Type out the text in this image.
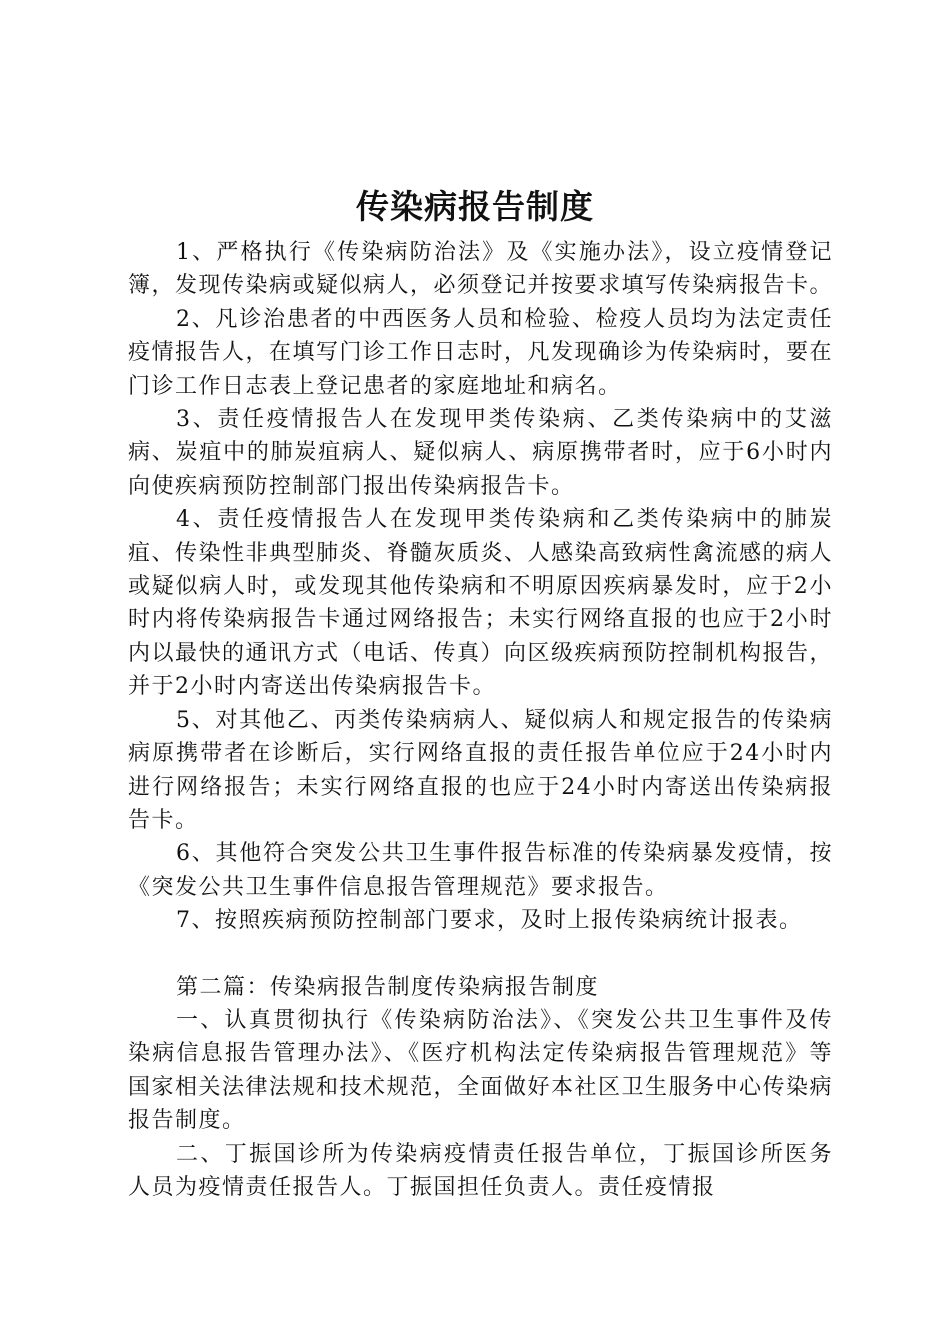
传染病报告制度

1、严格执行《传染病防治法》及《实施办法》，设立疫情登记簿，发现传染病或疑似病人，必须登记并按要求填写传染病报告卡。

2、凡诊治患者的中西医务人员和检验、检疫人员均为法定责任疫情报告人，在填写门诊工作日志时，凡发现确诊为传染病时，要在门诊工作日志表上登记患者的家庭地址和病名。

3、责任疫情报告人在发现甲类传染病、乙类传染病中的艾滋病、炭疽中的肺炭疽病人、疑似病人、病原携带者时，应于6小时内向使疾病预防控制部门报出传染病报告卡。

4、责任疫情报告人在发现甲类传染病和乙类传染病中的肺炭疽、传染性非典型肺炎、脊髓灰质炎、人感染高致病性禽流感的病人或疑似病人时，或发现其他传染病和不明原因疾病暴发时，应于2小时内将传染病报告卡通过网络报告；未实行网络直报的也应于2小时内以最快的通讯方式（电话、传真）向区级疾病预防控制机构报告，并于2小时内寄送出传染病报告卡。

5、对其他乙、丙类传染病病人、疑似病人和规定报告的传染病病原携带者在诊断后，实行网络直报的责任报告单位应于24小时内进行网络报告；未实行网络直报的也应于24小时内寄送出传染病报告卡。

6、其他符合突发公共卫生事件报告标准的传染病暴发疫情，按《突发公共卫生事件信息报告管理规范》要求报告。

7、按照疾病预防控制部门要求，及时上报传染病统计报表。

第二篇：传染病报告制度传染病报告制度

一、认真贯彻执行《传染病防治法》、《突发公共卫生事件及传染病信息报告管理办法》、《医疗机构法定传染病报告管理规范》等国家相关法律法规和技术规范，全面做好本社区卫生服务中心传染病报告制度。

二、丁振国诊所为传染病疫情责任报告单位，丁振国诊所医务人员为疫情责任报告人。丁振国担任负责人。责任疫情报
